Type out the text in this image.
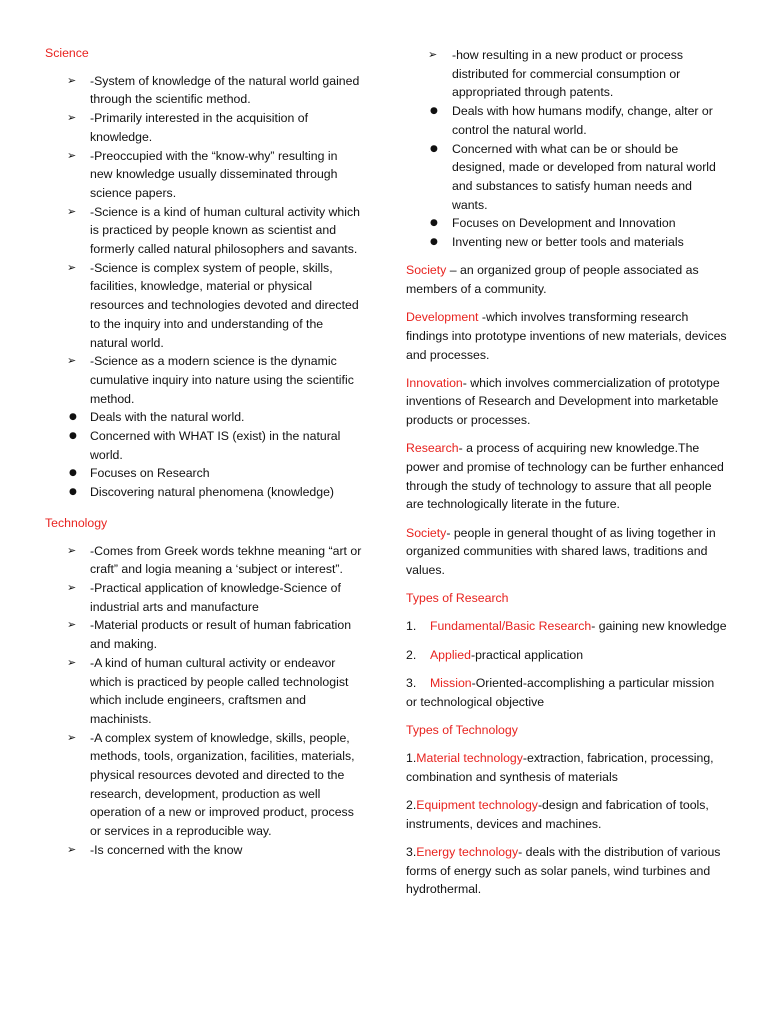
Science

➢	-System of knowledge of the natural world gained through the scientific method.
➢	-Primarily interested in the acquisition of knowledge.
➢	-Preoccupied with the “know-why” resulting in new knowledge usually disseminated through science papers.
➢	-Science is a kind of human cultural activity which is practiced by people known as scientist and formerly called natural philosophers and savants.
➢	-Science is complex system of people, skills, facilities, knowledge, material or physical resources and technologies devoted and directed to the inquiry into and understanding of the natural world.
➢	-Science as a modern science is the dynamic cumulative inquiry into nature using the scientific method.
●	Deals with the natural world.
●	Concerned with WHAT IS (exist) in the natural world.
●	Focuses on Research
●	Discovering natural phenomena (knowledge)

Technology

➢	-Comes from Greek words tekhne meaning “art or craft” and logia meaning a ‘subject or interest”.
➢	-Practical application of knowledge-Science of industrial arts and manufacture
➢	-Material products or result of human fabrication and making.
➢	-A kind of human cultural activity or endeavor which is practiced by people called technologist which include engineers, craftsmen and machinists.
➢	-A complex system of knowledge, skills, people, methods, tools, organization, facilities, materials, physical resources devoted and directed to the research, development, production as well operation of a new or improved product, process or services in a reproducible way.
➢	-Is concerned with the know
➢	-how resulting in a new product or process distributed for commercial consumption or appropriated through patents.
●	Deals with how humans modify, change, alter or control the natural world.
●	Concerned with what can be or should be designed, made or developed from natural world and substances to satisfy human needs and wants.
●	Focuses on Development and Innovation
●	Inventing new or better tools and materials

Society – an organized group of people associated as members of a community.

Development -which involves transforming research findings into prototype inventions of new materials, devices and processes.

Innovation- which involves commercialization of prototype inventions of Research and Development into marketable products or processes.

Research- a process of acquiring new knowledge.The power and promise of technology can be further enhanced through the study of technology to assure that all people are technologically literate in the future.

Society- people in general thought of as living together in organized communities with shared laws, traditions and values.

Types of Research

1. Fundamental/Basic Research- gaining new knowledge

2. Applied-practical application

3. Mission-Oriented-accomplishing a particular mission or technological objective

Types of Technology

1.Material technology-extraction, fabrication, processing, combination and synthesis of materials

2.Equipment technology-design and fabrication of tools, instruments, devices and machines.

3.Energy technology- deals with the distribution of various forms of energy such as solar panels, wind turbines and hydrothermal.
